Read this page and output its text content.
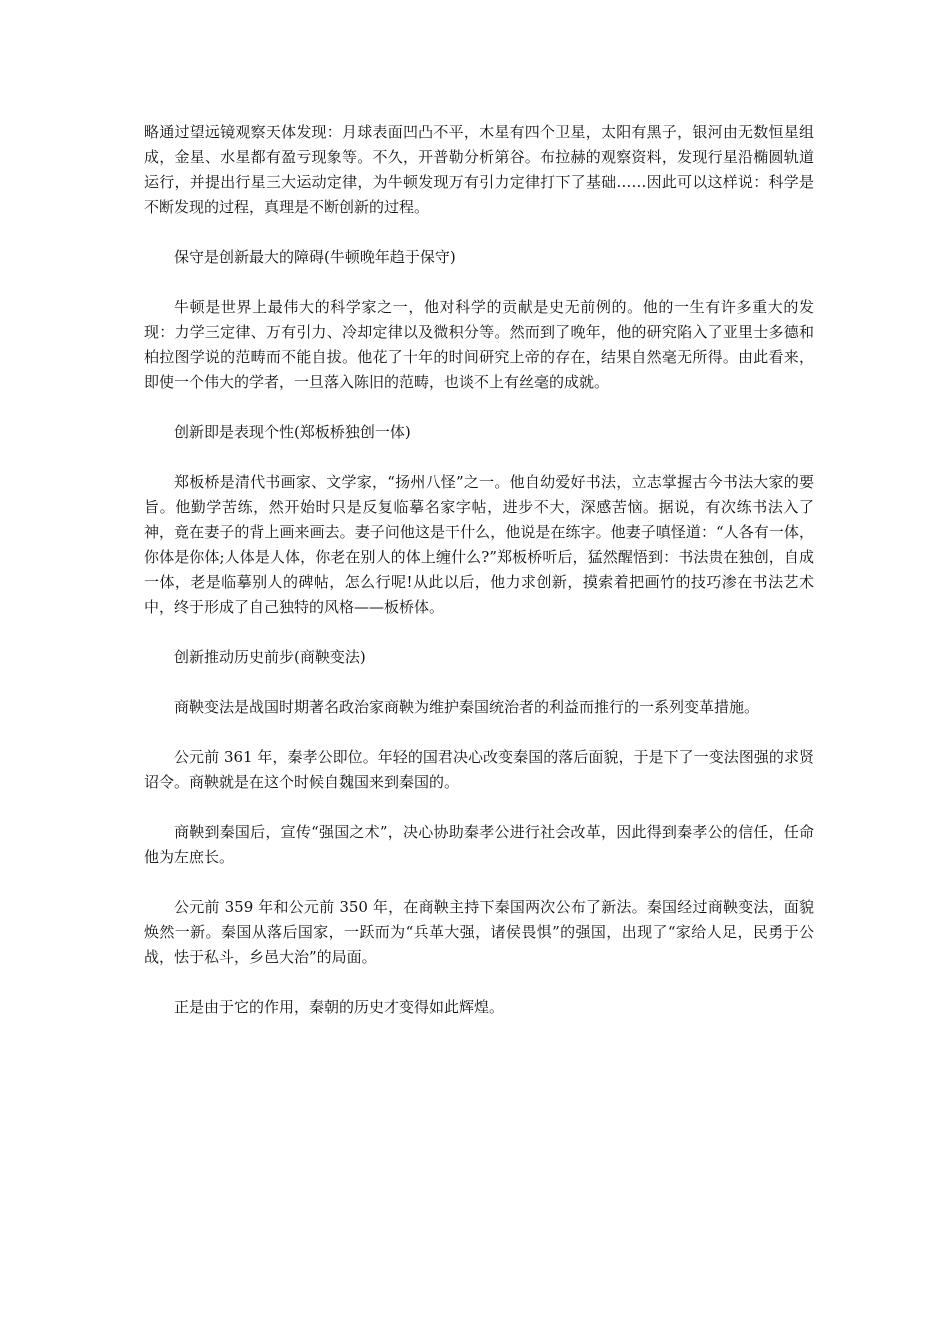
略通过望远镜观察天体发现：月球表面凹凸不平，木星有四个卫星，太阳有黑子，银河由无数恒星组成，金星、水星都有盈亏现象等。不久，开普勒分析第谷。布拉赫的观察资料，发现行星沿椭圆轨道运行，并提出行星三大运动定律，为牛顿发现万有引力定律打下了基础……因此可以这样说：科学是不断发现的过程，真理是不断创新的过程。

保守是创新最大的障碍(牛顿晚年趋于保守)

牛顿是世界上最伟大的科学家之一，他对科学的贡献是史无前例的。他的一生有许多重大的发现：力学三定律、万有引力、冷却定律以及微积分等。然而到了晚年，他的研究陷入了亚里士多德和柏拉图学说的范畴而不能自拔。他花了十年的时间研究上帝的存在，结果自然毫无所得。由此看来，即使一个伟大的学者，一旦落入陈旧的范畴，也谈不上有丝毫的成就。

创新即是表现个性(郑板桥独创一体)

郑板桥是清代书画家、文学家，“扬州八怪”之一。他自幼爱好书法，立志掌握古今书法大家的要旨。他勤学苦练，然开始时只是反复临摹名家字帖，进步不大，深感苦恼。据说，有次练书法入了神，竟在妻子的背上画来画去。妻子问他这是干什么，他说是在练字。他妻子嗔怪道：“人各有一体，你体是你体;人体是人体，你老在别人的体上缠什么?”郑板桥听后，猛然醒悟到：书法贵在独创，自成一体，老是临摹别人的碑帖，怎么行呢!从此以后，他力求创新，摸索着把画竹的技巧渗在书法艺术中，终于形成了自己独特的风格——板桥体。

创新推动历史前步(商鞅变法)

商鞅变法是战国时期著名政治家商鞅为维护秦国统治者的利益而推行的一系列变革措施。

公元前 361 年，秦孝公即位。年轻的国君决心改变秦国的落后面貌，于是下了一变法图强的求贤诏令。商鞅就是在这个时候自魏国来到秦国的。

商鞅到秦国后，宣传“强国之术”，决心协助秦孝公进行社会改革，因此得到秦孝公的信任，任命他为左庶长。

公元前 359 年和公元前 350 年，在商鞅主持下秦国两次公布了新法。秦国经过商鞅变法，面貌焕然一新。秦国从落后国家，一跃而为“兵革大强，诸侯畏惧”的强国，出现了“家给人足，民勇于公战，怯于私斗，乡邑大治”的局面。

正是由于它的作用，秦朝的历史才变得如此辉煌。
